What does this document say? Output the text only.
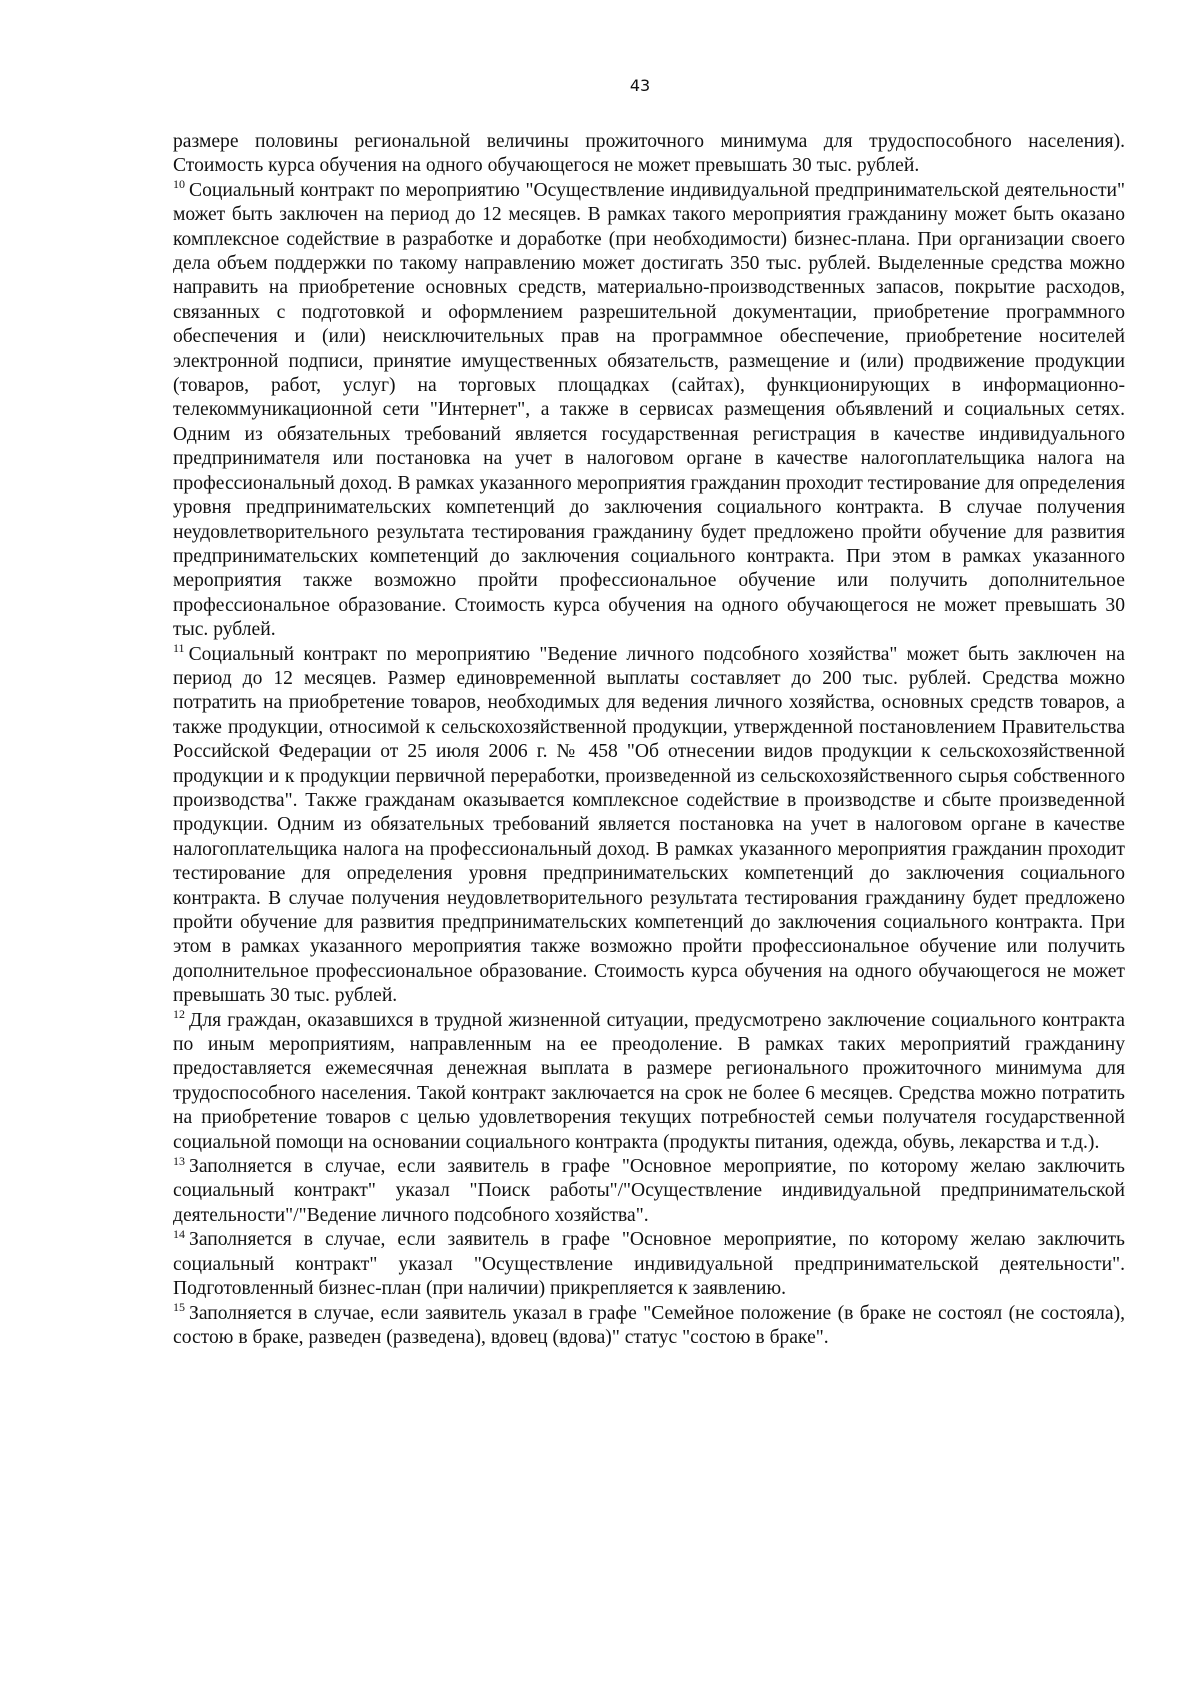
43

размере половины региональной величины прожиточного минимума для трудоспособного населения). Стоимость курса обучения на одного обучающегося не может превышать 30 тыс. рублей.

$^{10}$ Социальный контракт по мероприятию "Осуществление индивидуальной предпринимательской деятельности" может быть заключен на период до 12 месяцев. В рамках такого мероприятия гражданину может быть оказано комплексное содействие в разработке и доработке (при необходимости) бизнес-плана. При организации своего дела объем поддержки по такому направлению может достигать 350 тыс. рублей. Выделенные средства можно направить на приобретение основных средств, материально-производственных запасов, покрытие расходов, связанных с подготовкой и оформлением разрешительной документации, приобретение программного обеспечения и (или) неисключительных прав на программное обеспечение, приобретение носителей электронной подписи, принятие имущественных обязательств, размещение и (или) продвижение продукции (товаров, работ, услуг) на торговых площадках (сайтах), функционирующих в информационно-телекоммуникационной сети "Интернет", а также в сервисах размещения объявлений и социальных сетях. Одним из обязательных требований является государственная регистрация в качестве индивидуального предпринимателя или постановка на учет в налоговом органе в качестве налогоплательщика налога на профессиональный доход. В рамках указанного мероприятия гражданин проходит тестирование для определения уровня предпринимательских компетенций до заключения социального контракта. В случае получения неудовлетворительного результата тестирования гражданину будет предложено пройти обучение для развития предпринимательских компетенций до заключения социального контракта. При этом в рамках указанного мероприятия также возможно пройти профессиональное обучение или получить дополнительное профессиональное образование. Стоимость курса обучения на одного обучающегося не может превышать 30 тыс. рублей.

$^{11}$ Социальный контракт по мероприятию "Ведение личного подсобного хозяйства" может быть заключен на период до 12 месяцев. Размер единовременной выплаты составляет до 200 тыс. рублей. Средства можно потратить на приобретение товаров, необходимых для ведения личного хозяйства, основных средств товаров, а также продукции, относимой к сельскохозяйственной продукции, утвержденной постановлением Правительства Российской Федерации от 25 июля 2006 г. № 458 "Об отнесении видов продукции к сельскохозяйственной продукции и к продукции первичной переработки, произведенной из сельскохозяйственного сырья собственного производства". Также гражданам оказывается комплексное содействие в производстве и сбыте произведенной продукции. Одним из обязательных требований является постановка на учет в налоговом органе в качестве налогоплательщика налога на профессиональный доход. В рамках указанного мероприятия гражданин проходит тестирование для определения уровня предпринимательских компетенций до заключения социального контракта. В случае получения неудовлетворительного результата тестирования гражданину будет предложено пройти обучение для развития предпринимательских компетенций до заключения социального контракта. При этом в рамках указанного мероприятия также возможно пройти профессиональное обучение или получить дополнительное профессиональное образование. Стоимость курса обучения на одного обучающегося не может превышать 30 тыс. рублей.

$^{12}$ Для граждан, оказавшихся в трудной жизненной ситуации, предусмотрено заключение социального контракта по иным мероприятиям, направленным на ее преодоление. В рамках таких мероприятий гражданину предоставляется ежемесячная денежная выплата в размере регионального прожиточного минимума для трудоспособного населения. Такой контракт заключается на срок не более 6 месяцев. Средства можно потратить на приобретение товаров с целью удовлетворения текущих потребностей семьи получателя государственной социальной помощи на основании социального контракта (продукты питания, одежда, обувь, лекарства и т.д.).

$^{13}$ Заполняется в случае, если заявитель в графе "Основное мероприятие, по которому желаю заключить социальный контракт" указал "Поиск работы"/"Осуществление индивидуальной предпринимательской деятельности"/"Ведение личного подсобного хозяйства".

$^{14}$ Заполняется в случае, если заявитель в графе "Основное мероприятие, по которому желаю заключить социальный контракт" указал "Осуществление индивидуальной предпринимательской деятельности". Подготовленный бизнес-план (при наличии) прикрепляется к заявлению.

$^{15}$ Заполняется в случае, если заявитель указал в графе "Семейное положение (в браке не состоял (не состояла), состою в браке, разведен (разведена), вдовец (вдова)" статус "состою в браке".
